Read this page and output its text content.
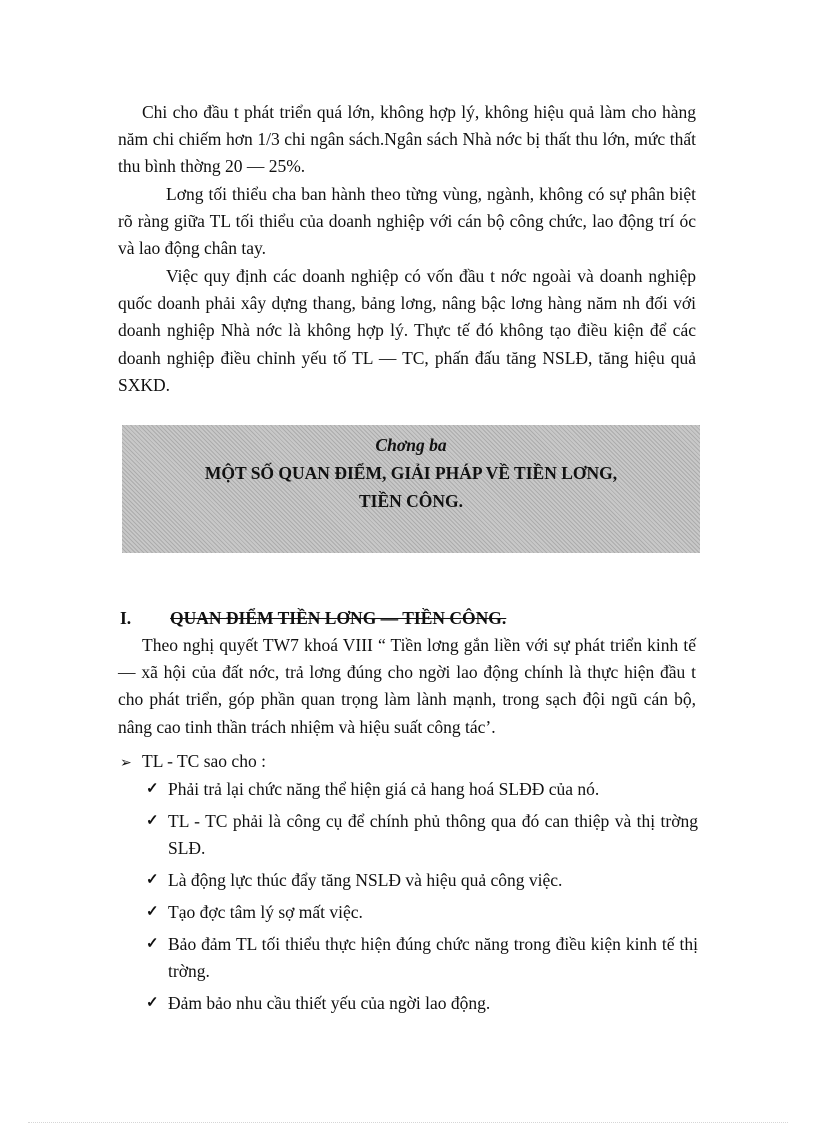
Chi cho đầu t phát triển quá lớn, không hợp lý, không hiệu quả làm cho hàng năm chi chiếm hơn 1/3 chi ngân sách.Ngân sách Nhà nớc bị thất thu lớn, mức thất thu bình thờng 20 — 25%.

Lơng tối thiểu cha ban hành theo từng vùng, ngành, không có sự phân biệt rõ ràng giữa TL tối thiểu của doanh nghiệp với cán bộ công chức, lao động trí óc và lao động chân tay.

Việc quy định các doanh nghiệp có vốn đầu t nớc ngoài và doanh nghiệp quốc doanh phải xây dựng thang, bảng lơng, nâng bậc lơng hàng năm nh đối với doanh nghiệp Nhà nớc là không hợp lý. Thực tế đó không tạo điều kiện để các doanh nghiệp điều chỉnh yếu tố TL — TC, phấn đấu tăng NSLĐ, tăng hiệu quả SXKD.

Chơng ba
MỘT SỐ QUAN ĐIỂM, GIẢI PHÁP VỀ TIỀN LƠNG,
TIỀN CÔNG.
I. QUAN ĐIỂM TIỀN LƠNG — TIỀN CÔNG.

Theo nghị quyết TW7 khoá VIII “ Tiền lơng gắn liền với sự phát triển kinh tế — xã hội của đất nớc, trả lơng đúng cho ngời lao động chính là thực hiện đầu t cho phát triển, góp phần quan trọng làm lành mạnh, trong sạch đội ngũ cán bộ, nâng cao tinh thần trách nhiệm và hiệu suất công tác’.

➢ TL - TC sao cho :
✓ Phải trả lại chức năng thể hiện giá cả hang hoá SLĐĐ của nó.
✓ TL - TC phải là công cụ để chính phủ thông qua đó can thiệp và thị trờng SLĐ.
✓ Là động lực thúc đẩy tăng NSLĐ và hiệu quả công việc.
✓ Tạo đợc tâm lý sợ mất việc.
✓ Bảo đảm TL tối thiểu thực hiện đúng chức năng trong điều kiện kinh tế thị trờng.
✓ Đảm bảo nhu cầu thiết yếu của ngời lao động.
